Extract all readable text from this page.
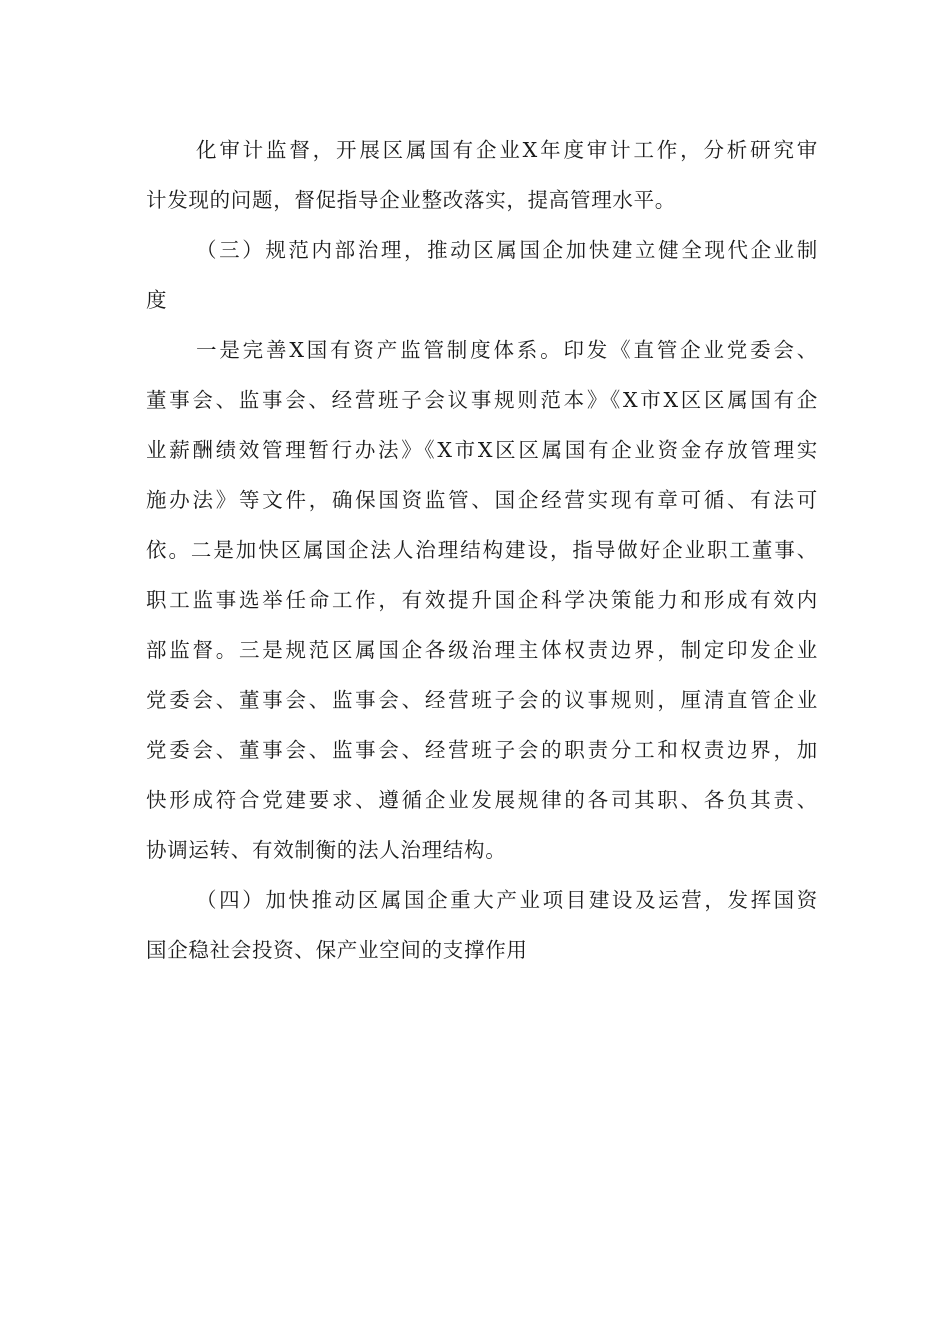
化审计监督，开展区属国有企业X年度审计工作，分析研究审
计发现的问题，督促指导企业整改落实，提高管理水平。
（三）规范内部治理，推动区属国企加快建立健全现代企业制
度
一是完善X国有资产监管制度体系。印发《直管企业党委会、
董事会、监事会、经营班子会议事规则范本》《X市X区区属国有企
业薪酬绩效管理暂行办法》《X市X区区属国有企业资金存放管理实
施办法》等文件，确保国资监管、国企经营实现有章可循、有法可
依。二是加快区属国企法人治理结构建设，指导做好企业职工董事、
职工监事选举任命工作，有效提升国企科学决策能力和形成有效内
部监督。三是规范区属国企各级治理主体权责边界，制定印发企业
党委会、董事会、监事会、经营班子会的议事规则，厘清直管企业
党委会、董事会、监事会、经营班子会的职责分工和权责边界，加
快形成符合党建要求、遵循企业发展规律的各司其职、各负其责、
协调运转、有效制衡的法人治理结构。
（四）加快推动区属国企重大产业项目建设及运营，发挥国资
国企稳社会投资、保产业空间的支撑作用
